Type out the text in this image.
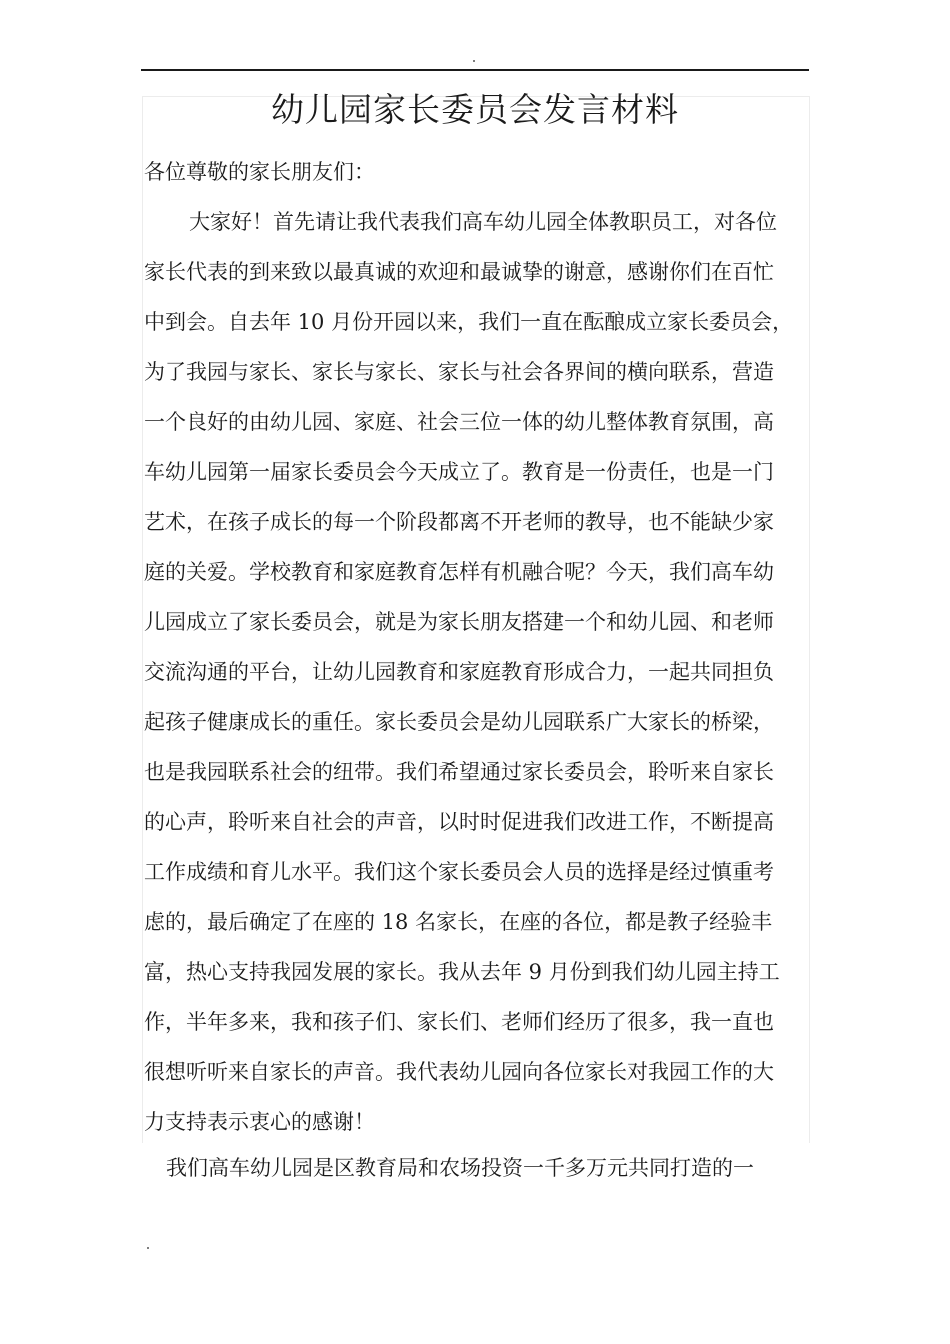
幼儿园家长委员会发言材料
各位尊敬的家长朋友们：
大家好！首先请让我代表我们高车幼儿园全体教职员工，对各位
家长代表的到来致以最真诚的欢迎和最诚挚的谢意，感谢你们在百忙
中到会。自去年 10 月份开园以来，我们一直在酝酿成立家长委员会，
为了我园与家长、家长与家长、家长与社会各界间的横向联系，营造
一个良好的由幼儿园、家庭、社会三位一体的幼儿整体教育氛围，高
车幼儿园第一届家长委员会今天成立了。教育是一份责任，也是一门
艺术，在孩子成长的每一个阶段都离不开老师的教导，也不能缺少家
庭的关爱。学校教育和家庭教育怎样有机融合呢？今天，我们高车幼
儿园成立了家长委员会，就是为家长朋友搭建一个和幼儿园、和老师
交流沟通的平台，让幼儿园教育和家庭教育形成合力，一起共同担负
起孩子健康成长的重任。家长委员会是幼儿园联系广大家长的桥梁，
也是我园联系社会的纽带。我们希望通过家长委员会，聆听来自家长
的心声，聆听来自社会的声音，以时时促进我们改进工作，不断提高
工作成绩和育儿水平。我们这个家长委员会人员的选择是经过慎重考
虑的，最后确定了在座的 18 名家长，在座的各位，都是教子经验丰
富，热心支持我园发展的家长。我从去年 9 月份到我们幼儿园主持工
作，半年多来，我和孩子们、家长们、老师们经历了很多，我一直也
很想听听来自家长的声音。我代表幼儿园向各位家长对我园工作的大
力支持表示衷心的感谢！
我们高车幼儿园是区教育局和农场投资一千多万元共同打造的一
